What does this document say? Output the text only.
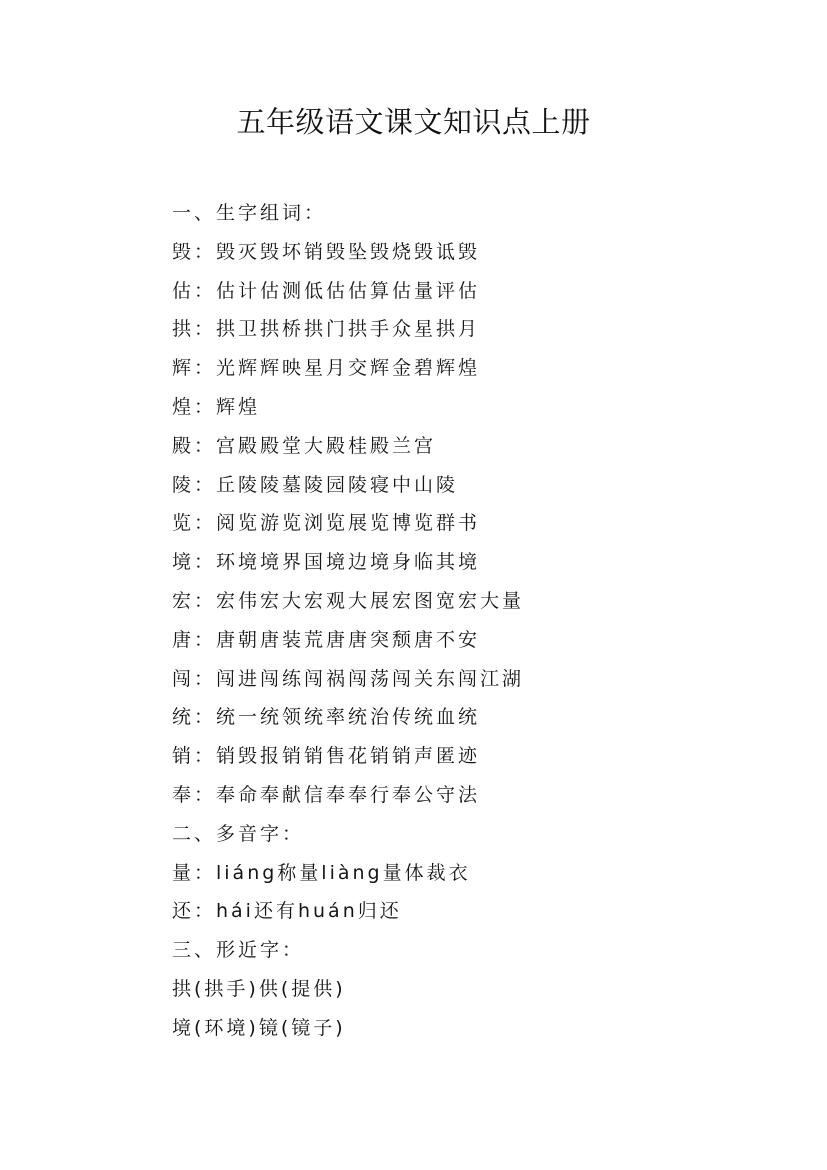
五年级语文课文知识点上册
一、生字组词：
毁：毁灭毁坏销毁坠毁烧毁诋毁
估：估计估测低估估算估量评估
拱：拱卫拱桥拱门拱手众星拱月
辉：光辉辉映星月交辉金碧辉煌
煌：辉煌
殿：宫殿殿堂大殿桂殿兰宫
陵：丘陵陵墓陵园陵寝中山陵
览：阅览游览浏览展览博览群书
境：环境境界国境边境身临其境
宏：宏伟宏大宏观大展宏图宽宏大量
唐：唐朝唐装荒唐唐突颓唐不安
闯：闯进闯练闯祸闯荡闯关东闯江湖
统：统一统领统率统治传统血统
销：销毁报销销售花销销声匿迹
奉：奉命奉献信奉奉行奉公守法
二、多音字：
量：liáng称量liàng量体裁衣
还：hái还有huán归还
三、形近字：
拱(拱手)供(提供)
境(环境)镜(镜子)
